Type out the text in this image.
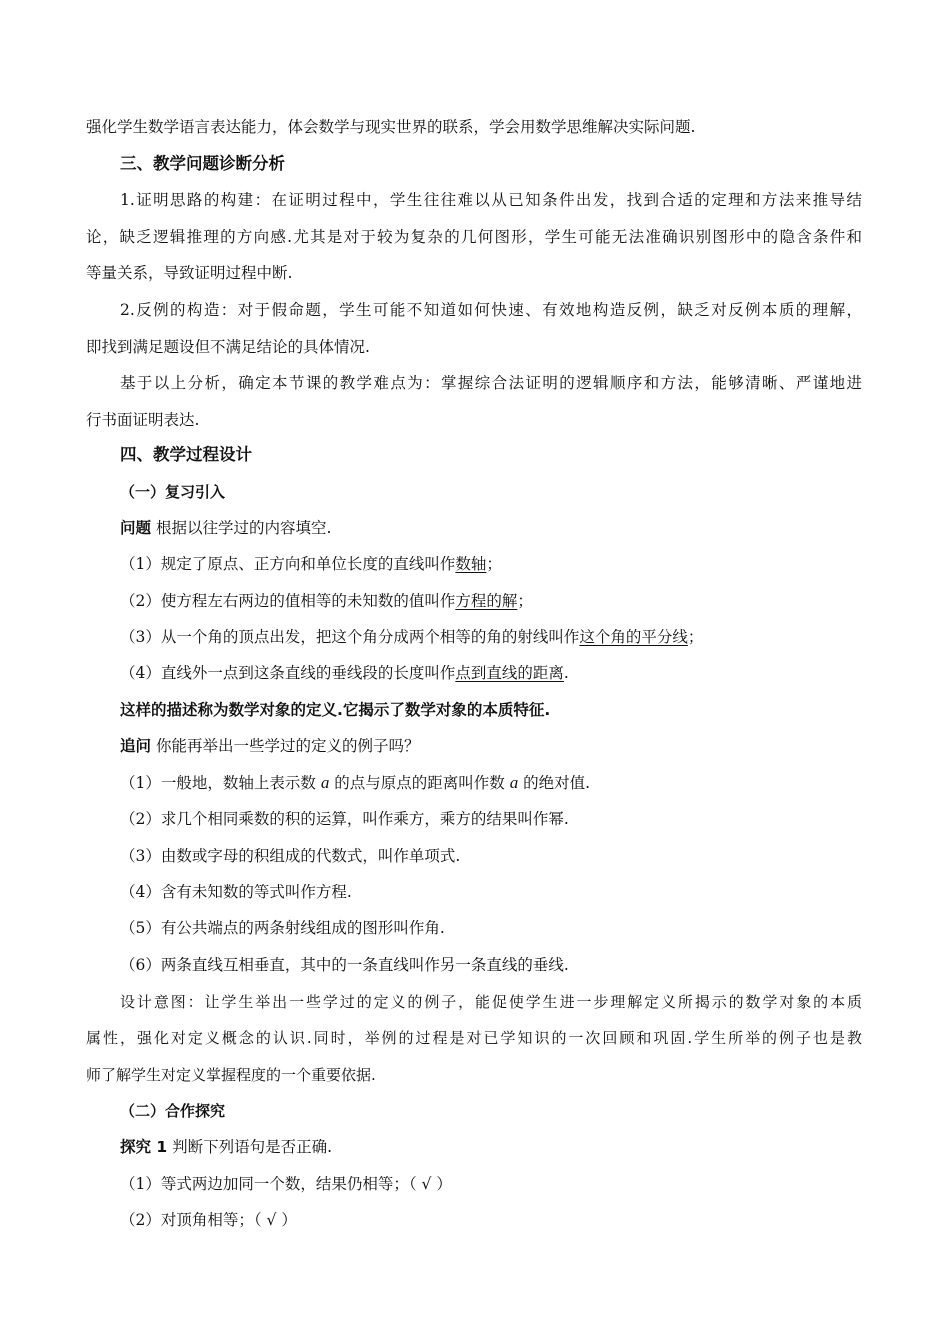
强化学生数学语言表达能力，体会数学与现实世界的联系，学会用数学思维解决实际问题.
三、教学问题诊断分析
1.证明思路的构建：在证明过程中，学生往往难以从已知条件出发，找到合适的定理和方法来推导结
论，缺乏逻辑推理的方向感.尤其是对于较为复杂的几何图形，学生可能无法准确识别图形中的隐含条件和
等量关系，导致证明过程中断.
2.反例的构造：对于假命题，学生可能不知道如何快速、有效地构造反例，缺乏对反例本质的理解，
即找到满足题设但不满足结论的具体情况.
基于以上分析，确定本节课的教学难点为：掌握综合法证明的逻辑顺序和方法，能够清晰、严谨地进
行书面证明表达.
四、教学过程设计
（一）复习引入
问题 根据以往学过的内容填空.
（1）规定了原点、正方向和单位长度的直线叫作数轴；
（2）使方程左右两边的值相等的未知数的值叫作方程的解；
（3）从一个角的顶点出发，把这个角分成两个相等的角的射线叫作这个角的平分线；
（4）直线外一点到这条直线的垂线段的长度叫作点到直线的距离.
这样的描述称为数学对象的定义.它揭示了数学对象的本质特征.
追问 你能再举出一些学过的定义的例子吗？
（1）一般地，数轴上表示数 a 的点与原点的距离叫作数 a 的绝对值.
（2）求几个相同乘数的积的运算，叫作乘方，乘方的结果叫作幂.
（3）由数或字母的积组成的代数式，叫作单项式.
（4）含有未知数的等式叫作方程.
（5）有公共端点的两条射线组成的图形叫作角.
（6）两条直线互相垂直，其中的一条直线叫作另一条直线的垂线.
设计意图：让学生举出一些学过的定义的例子，能促使学生进一步理解定义所揭示的数学对象的本质
属性，强化对定义概念的认识.同时，举例的过程是对已学知识的一次回顾和巩固.学生所举的例子也是教
师了解学生对定义掌握程度的一个重要依据.
（二）合作探究
探究 1 判断下列语句是否正确.
（1）等式两边加同一个数，结果仍相等；（ √ ）
（2）对顶角相等；（ √ ）
